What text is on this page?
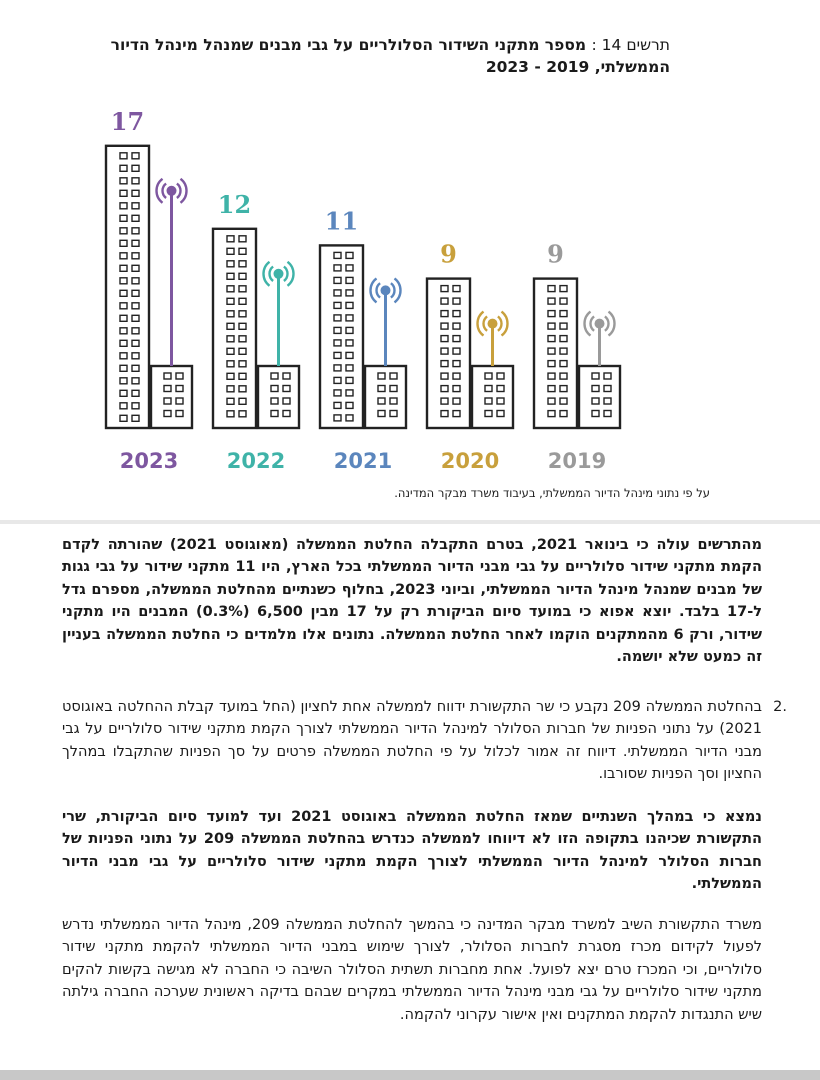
תרשים 14 : מספר מתקני השידור הסלולריים על גבי מבנים שמנהל מינהל הדיור הממשלתי, 2019 - 2023
17
2023
12
2022
11
2021
9
2020
9
2019
על פי נתוני מינהל הדיור הממשלתי, בעיבוד משרד מבקר המדינה.
מהתרשים עולה כי בינואר 2021, בטרם התקבלה החלטת הממשלה (מאוגוסט 2021) שהורתה לקדם הקמת מתקני שידור סלולריים על גבי מבני הדיור הממשלתי בכל הארץ, היו 11 מתקני שידור על גבי גגות של מבנים שמנהל מינהל הדיור הממשלתי, וביוני 2023, בחלוף כשנתיים מהחלטת הממשלה, מספרם גדל ל-17 בלבד. יוצא אפוא כי במועד סיום הביקורת רק על 17 מבין 6,500 (0.3%) המבנים היו מתקני שידור, ורק 6 מהמתקנים הוקמו לאחר החלטת הממשלה. נתונים אלו מלמדים כי החלטת הממשלה בעניין זה כמעט שלא יושמה.
2.
בהחלטת הממשלה 209 נקבע כי שר התקשורת ידווח לממשלה אחת לחציון (החל במועד קבלת ההחלטה באוגוסט 2021) על נתוני הפניות של חברות הסלולר למינהל הדיור הממשלתי לצורך הקמת מתקני שידור סלולריים על גבי מבני הדיור הממשלתי. דיווח זה אמור לכלול על פי החלטת הממשלה פרטים על סך הפניות שהתקבלו במהלך החציון וסך הפניות שסורבו.
נמצא כי במהלך השנתיים שמאז החלטת הממשלה באוגוסט 2021 ועד למועד סיום הביקורת, שרי התקשורת שכיהנו בתקופה הזו לא דיווחו לממשלה כנדרש בהחלטת הממשלה 209 על נתוני הפניות של חברות הסלולר למינהל הדיור הממשלתי לצורך הקמת מתקני שידור סלולריים על גבי מבני הדיור הממשלתי.
משרד התקשורת השיב למשרד מבקר המדינה כי בהמשך להחלטת הממשלה 209, מינהל הדיור הממשלתי נדרש לפעול לקידום מכרז מסגרת לחברות הסלולר, לצורך שימוש במבני הדיור הממשלתי להקמת מתקני שידור סלולריים, וכי המכרז טרם יצא לפועל. אחת מחברות תשתית הסלולר השיבה כי החברה לא מגישה בקשות להקים מתקני שידור סלולריים על גבי מבני מינהל הדיור הממשלתי במקרים שבהם בדיקה ראשונית שערכה החברה גילתה שיש התנגדות להקמת המתקנים ואין אישור עקרוני להקמה.
